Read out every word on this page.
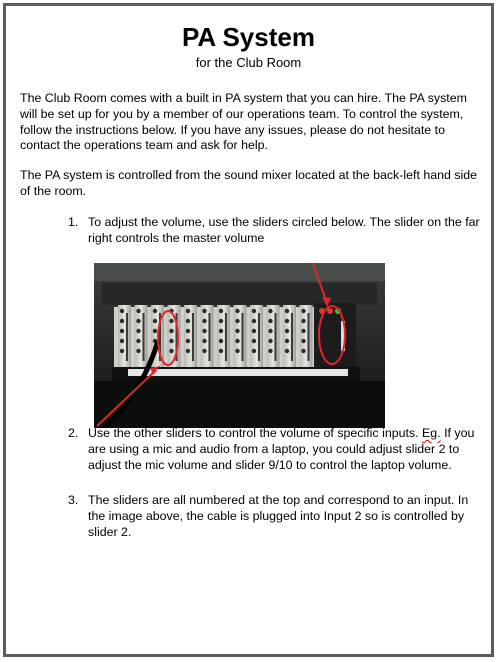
PA System
for the Club Room
The Club Room comes with a built in PA system that you can hire. The PA system will be set up for you by a member of our operations team. To control the system, follow the instructions below. If you have any issues, please do not hesitate to contact the operations team and ask for help.
The PA system is controlled from the sound mixer located at the back-left hand side of the room.
1. To adjust the volume, use the sliders circled below. The slider on the far right controls the master volume
2. Use the other sliders to control the volume of specific inputs. Eg. If you are using a mic and audio from a laptop, you could adjust slider 2 to adjust the mic volume and slider 9/10 to control the laptop volume.
3. The sliders are all numbered at the top and correspond to an input. In the image above, the cable is plugged into Input 2 so is controlled by slider 2.
